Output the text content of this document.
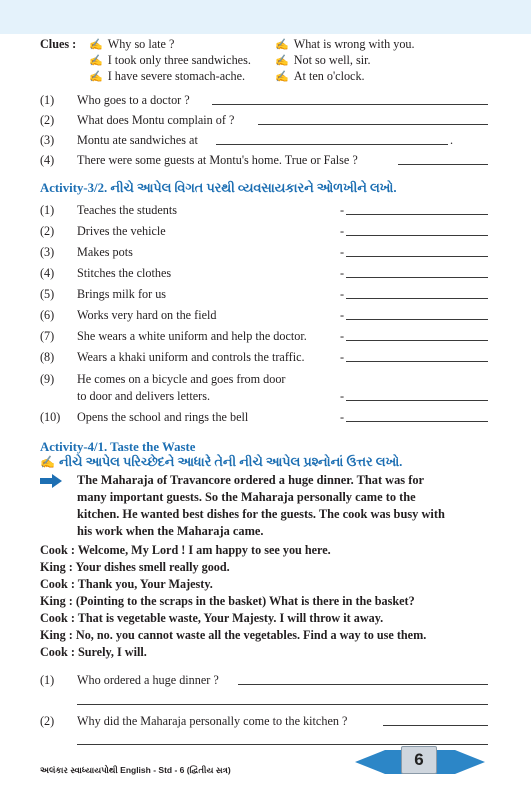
Clues : ✍ Why so late ?	✍ What is wrong with you.
✍ I took only three sandwiches. ✍ Not so well, sir.
✍ I have severe stomach-ache.	✍ At ten o'clock.
(1) Who goes to a doctor ?
(2) What does Montu complain of ?
(3) Montu ate sandwiches at	.
(4) There were some guests at Montu's home. True or False ?
Activity-3/2. નીચે આપેલ વિગત પરથી વ્યવસાયકારને ઓળખીને લખો.
(1) Teaches the students	-
(2) Drives the vehicle	-
(3) Makes pots	-
(4) Stitches the clothes	-
(5) Brings milk for us	-
(6) Works very hard on the field	-
(7) She wears a white uniform and help the doctor.	-
(8) Wears a khaki uniform and controls the traffic.	-
(9) He comes on a bicycle and goes from door
to door and delivers letters.	-
(10) Opens the school and rings the bell	-
Activity-4/1. Taste the Waste
✍ નીચે આપેલ પરિચ્છેદને આધારે તેની નીચે આપેલ પ્રશ્નોનાં ઉત્તર લખો.
The Maharaja of Travancore ordered a huge dinner. That was for
many important guests. So the Maharaja personally came to the
kitchen. He wanted best dishes for the guests. The cook was busy with
his work when the Maharaja came.
Cook : Welcome, My Lord ! I am happy to see you here.
King : Your dishes smell really good.
Cook : Thank you, Your Majesty.
King : (Pointing to the scraps in the basket) What is there in the basket?
Cook : That is vegetable waste, Your Majesty. I will throw it away.
King : No, no. you cannot waste all the vegetables. Find a way to use them.
Cook : Surely, I will.
(1) Who ordered a huge dinner ?
(2) Why did the Maharaja personally come to the kitchen ?
અલંકાર સ્વાધ્યાયપોથી English - Std - 6 (દ્વિતીય સત્ર)
6
